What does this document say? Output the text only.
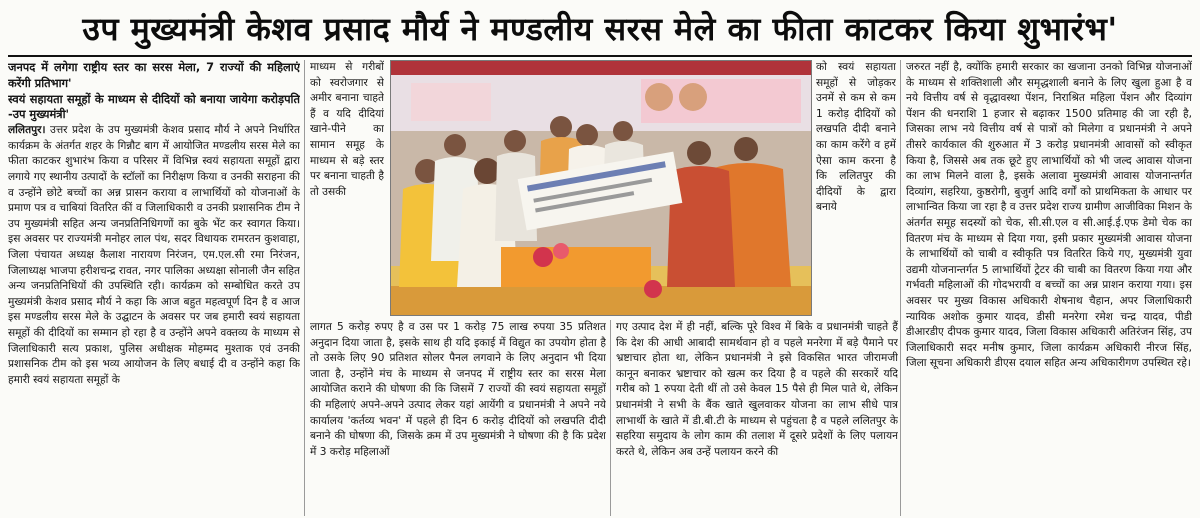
उप मुख्यमंत्री केशव प्रसाद मौर्य ने मण्डलीय सरस मेले का फीता काटकर किया शुभारंभ'

जनपद में लगेगा राष्ट्रीय स्तर का सरस मेला, 7 राज्यों की महिलाएं करेंगी प्रतिभाग'

स्वयं सहायता समूहों के माध्यम से दीदियों को बनाया जायेगा करोड़पति -उप मुख्यमंत्री'

ललितपुर। उत्तर प्रदेश के उप मुख्यमंत्री केशव प्रसाद मौर्य ने अपने निर्धारित कार्यक्रम के अंतर्गत शहर के गिन्नौट बाग में आयोजित मण्डलीय सरस मेले का फीता काटकर शुभारंभ किया व परिसर में विभिन्न स्वयं सहायता समूहों द्वारा लगाये गए स्थानीय उत्पादों के स्टॉलों का निरीक्षण किया व उनकी सराहना की व उन्होंने छोटे बच्चों का अन्न प्रासन कराया व लाभार्थियों को योजनाओं के प्रमाण पत्र व चाबियां वितरित कीं व जिलाधिकारी व उनकी प्रशासनिक टीम ने उप मुख्यमंत्री सहित अन्य जनप्रतिनिधिगणों का बुके भेंट कर स्वागत किया। इस अवसर पर राज्यमंत्री मनोहर लाल पंथ, सदर विधायक रामरतन कुशवाहा, जिला पंचायत अध्यक्ष कैलाश नारायण निरंजन, एम.एल.सी रमा निरंजन, जिलाध्यक्ष भाजपा हरीशचन्द्र रावत, नगर पालिका अध्यक्षा सोनाली जैन सहित अन्य जनप्रतिनिधियों की उपस्थिति रही। कार्यक्रम को सम्बोधित करते उप मुख्यमंत्री केशव प्रसाद मौर्य ने कहा कि आज बहुत महत्वपूर्ण दिन है व आज इस मण्डलीय सरस मेले के उद्घाटन के अवसर पर जब हमारी स्वयं सहायता समूहों की दीदियों का सम्मान हो रहा है व उन्होंने अपने वक्तव्य के माध्यम से जिलाधिकारी सत्य प्रकाश, पुलिस अधीक्षक मोहम्मद मुश्ताक एवं उनकी प्रशासनिक टीम को इस भव्य आयोजन के लिए बधाई दी व उन्होंने कहा कि हमारी स्वयं सहायता समूहों के

माध्यम से गरीबों को स्वरोजगार से अमीर बनाना चाहते हैं व यदि दीदियां खाने-पीने का सामान समूह के माध्यम से बड़े स्तर पर बनाना चाहती है तो उसकी

को स्वयं सहायता समूहों से जोड़कर उनमें से कम से कम 1 करोड़ दीदियों को लखपति दीदी बनाने का काम करेंगे व हमें ऐसा काम करना है कि ललितपुर की दीदियों के द्वारा बनाये

लागत 5 करोड़ रुपए है व उस पर 1 करोड़ 75 लाख रुपया 35 प्रतिशत अनुदान दिया जाता है, इसके साथ ही यदि इकाई में विद्युत का उपयोग होता है तो उसके लिए 90 प्रतिशत सोलर पैनल लगवाने के लिए अनुदान भी दिया जाता है, उन्होंने मंच के माध्यम से जनपद में राष्ट्रीय स्तर का सरस मेला आयोजित कराने की घोषणा की कि जिसमें 7 राज्यों की स्वयं सहायता समूहों की महिलाएं अपने-अपने उत्पाद लेकर यहां आयेंगी व प्रधानमंत्री ने अपने नये कार्यालय 'कर्तव्य भवन' में पहले ही दिन 6 करोड़ दीदियों को लखपति दीदी बनाने की घोषणा की, जिसके क्रम में उप मुख्यमंत्री ने घोषणा की है कि प्रदेश में 3 करोड़ महिलाओं

गए उत्पाद देश में ही नहीं, बल्कि पूरे विश्व में बिके व प्रधानमंत्री चाहते हैं कि देश की आधी आबादी सामर्थवान हो व पहले मनरेगा में बड़े पैमाने पर भ्रष्टाचार होता था, लेकिन प्रधानमंत्री ने इसे विकसित भारत जीरामजी कानून बनाकर भ्रष्टाचार को खत्म कर दिया है व पहले की सरकारें यदि गरीब को 1 रुपया देती थीं तो उसे केवल 15 पैसे ही मिल पाते थे, लेकिन प्रधानमंत्री ने सभी के बैंक खाते खुलवाकर योजना का लाभ सीधे पात्र लाभार्थी के खाते में डी.बी.टी के माध्यम से पहुंचता है व पहले ललितपुर के सहरिया समुदाय के लोग काम की तलाश में दूसरे प्रदेशों के लिए पलायन करते थे, लेकिन अब उन्हें पलायन करने की

जरुरत नहीं है, क्योंकि हमारी सरकार का खजाना उनको विभिन्न योजनाओं के माध्यम से शक्तिशाली और समृद्धशाली बनाने के लिए खुला हुआ है व नये वित्तीय वर्ष से वृद्धावस्था पेंशन, निराश्रित महिला पेंशन और दिव्यांग पेंशन की धनराशि 1 हजार से बढ़ाकर 1500 प्रतिमाह की जा रही है, जिसका लाभ नये वित्तीय वर्ष से पात्रों को मिलेगा व प्रधानमंत्री ने अपने तीसरे कार्यकाल की शुरुआत में 3 करोड़ प्रधानमंत्री आवासों को स्वीकृत किया है, जिससे अब तक छूटे हुए लाभार्थियों को भी जल्द आवास योजना का लाभ मिलने वाला है, इसके अलावा मुख्यमंत्री आवास योजनान्तर्गत दिव्यांग, सहरिया, कुष्ठरोगी, बुजुर्ग आदि वर्गों को प्राथमिकता के आधार पर लाभान्वित किया जा रहा है व उत्तर प्रदेश राज्य ग्रामीण आजीविका मिशन के अंतर्गत समूह सदस्यों को चेक, सी.सी.एल व सी.आई.ई.एफ डेमो चेक का वितरण मंच के माध्यम से दिया गया, इसी प्रकार मुख्यमंत्री आवास योजना के लाभार्थियों को चाबी व स्वीकृति पत्र वितरित किये गए, मुख्यमंत्री युवा उद्यमी योजनान्तर्गत 5 लाभार्थियों ट्रेटर की चाबी का वितरण किया गया और गर्भवती महिलाओं की गोदभरायी व बच्चों का अन्न प्राशन कराया गया। इस अवसर पर मुख्य विकास अधिकारी शेषनाथ चैहान, अपर जिलाधिकारी न्यायिक अशोक कुमार यादव, डीसी मनरेगा रमेश चन्द्र यादव, पीडी डीआरडीए दीपक कुमार यादव, जिला विकास अधिकारी अतिरंजन सिंह, उप जिलाधिकारी सदर मनीष कुमार, जिला कार्यक्रम अधिकारी नीरज सिंह, जिला सूचना अधिकारी डीएस दयाल सहित अन्य अधिकारीगण उपस्थित रहे।
